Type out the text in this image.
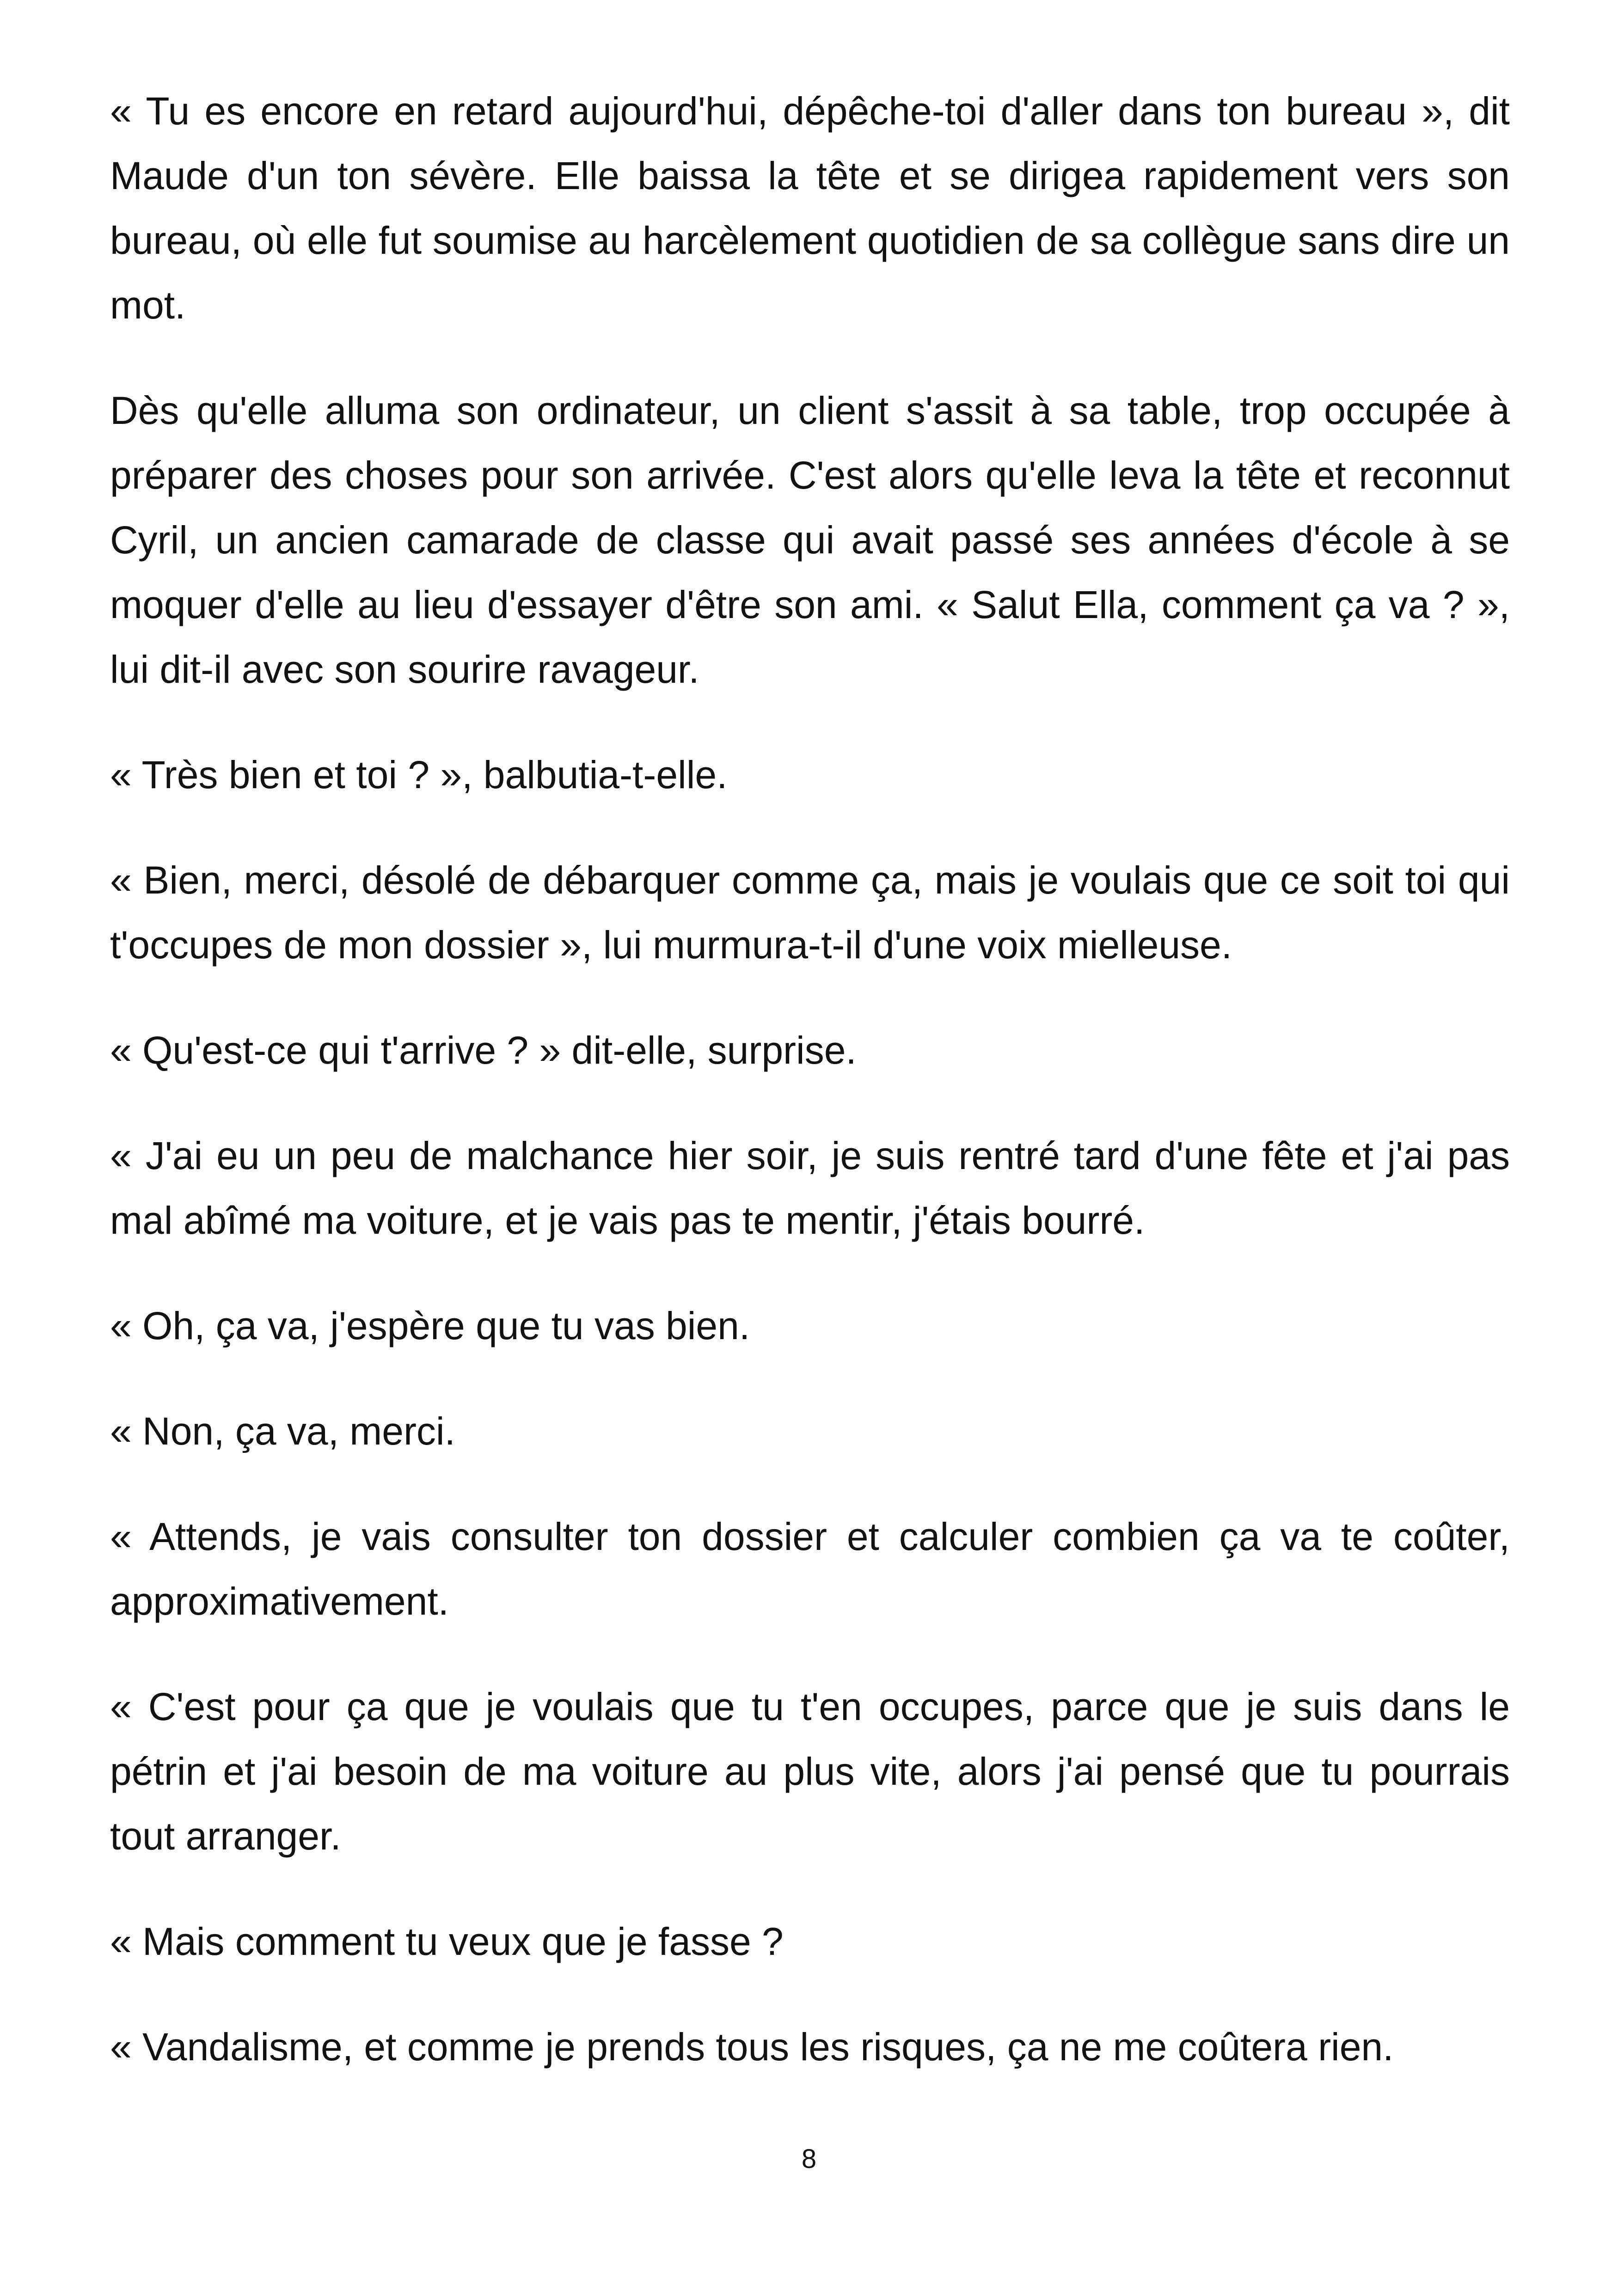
« Tu es encore en retard aujourd'hui, dépêche-toi d'aller dans ton bureau », dit Maude d'un ton sévère. Elle baissa la tête et se dirigea rapidement vers son bureau, où elle fut soumise au harcèlement quotidien de sa collègue sans dire un mot.

Dès qu'elle alluma son ordinateur, un client s'assit à sa table, trop occupée à préparer des choses pour son arrivée. C'est alors qu'elle leva la tête et reconnut Cyril, un ancien camarade de classe qui avait passé ses années d'école à se moquer d'elle au lieu d'essayer d'être son ami. « Salut Ella, comment ça va ? », lui dit-il avec son sourire ravageur.

« Très bien et toi ? », balbutia-t-elle.

« Bien, merci, désolé de débarquer comme ça, mais je voulais que ce soit toi qui t'occupes de mon dossier », lui murmura-t-il d'une voix mielleuse.

« Qu'est-ce qui t'arrive ? » dit-elle, surprise.

« J'ai eu un peu de malchance hier soir, je suis rentré tard d'une fête et j'ai pas mal abîmé ma voiture, et je vais pas te mentir, j'étais bourré.

« Oh, ça va, j'espère que tu vas bien.

« Non, ça va, merci.

« Attends, je vais consulter ton dossier et calculer combien ça va te coûter, approximativement.

« C'est pour ça que je voulais que tu t'en occupes, parce que je suis dans le pétrin et j'ai besoin de ma voiture au plus vite, alors j'ai pensé que tu pourrais tout arranger.

« Mais comment tu veux que je fasse ?

« Vandalisme, et comme je prends tous les risques, ça ne me coûtera rien.

8
